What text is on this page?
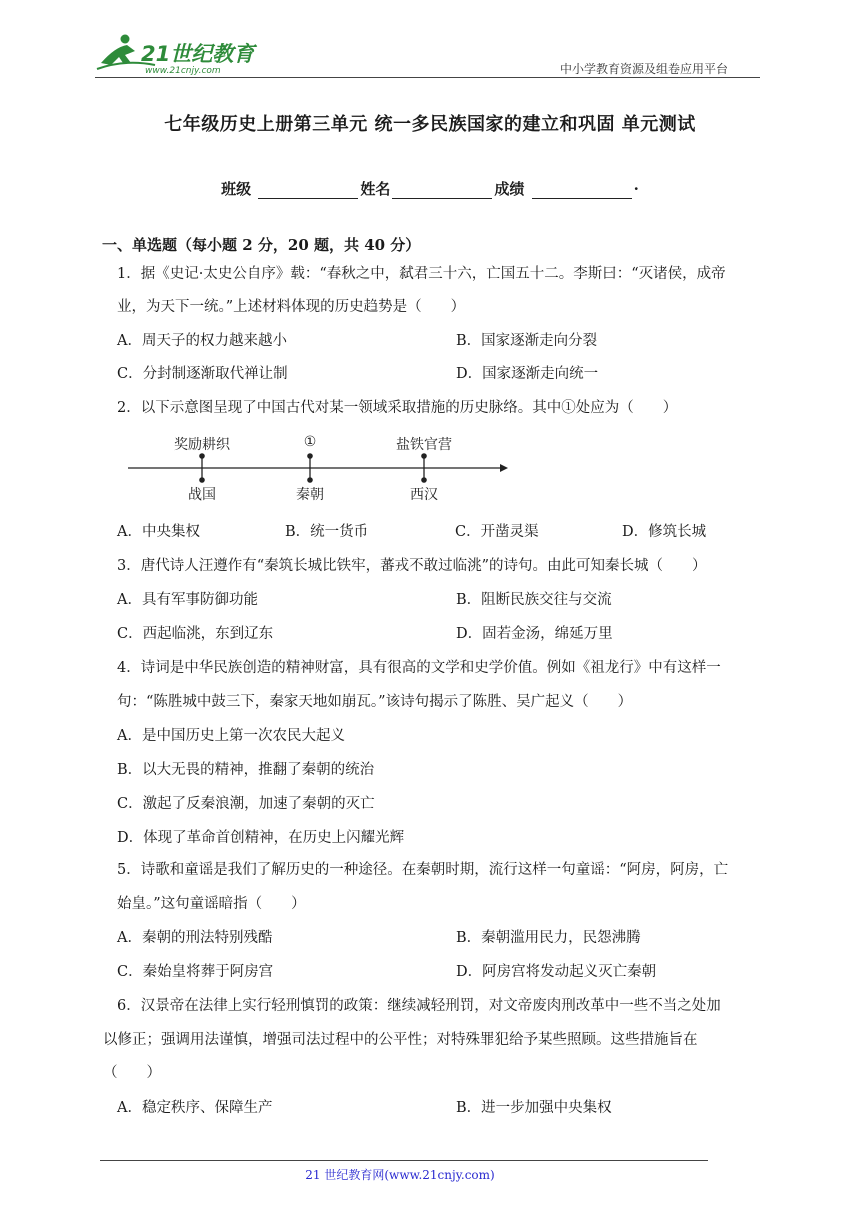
21世纪教育
www.21cnjy.com	中小学教育资源及组卷应用平台
七年级历史上册第三单元 统一多民族国家的建立和巩固 单元测试
班级	姓名	成绩	·
一、单选题（每小题 2 分，20 题，共 40 分）
1．据《史记·太史公自序》载：“春秋之中，弑君三十六，亡国五十二。李斯曰：“灭诸侯，成帝
业，为天下一统。”上述材料体现的历史趋势是（　　）
A．周天子的权力越来越小	B．国家逐渐走向分裂
C．分封制逐渐取代禅让制	D．国家逐渐走向统一
2．以下示意图呈现了中国古代对某一领域采取措施的历史脉络。其中①处应为（　　）
奖励耕织
战国
①
秦朝
盐铁官营
西汉
A．中央集权	B．统一货币	C．开凿灵渠	D．修筑长城
3．唐代诗人汪遵作有“秦筑长城比铁牢，蕃戎不敢过临洮”的诗句。由此可知秦长城（　　）
A．具有军事防御功能	B．阻断民族交往与交流
C．西起临洮，东到辽东	D．固若金汤，绵延万里
4．诗词是中华民族创造的精神财富，具有很高的文学和史学价值。例如《祖龙行》中有这样一
句：“陈胜城中鼓三下，秦家天地如崩瓦。”该诗句揭示了陈胜、吴广起义（　　）
A．是中国历史上第一次农民大起义
B．以大无畏的精神，推翻了秦朝的统治
C．激起了反秦浪潮，加速了秦朝的灭亡
D．体现了革命首创精神，在历史上闪耀光辉
5．诗歌和童谣是我们了解历史的一种途径。在秦朝时期，流行这样一句童谣：“阿房，阿房，亡
始皇。”这句童谣暗指（　　）
A．秦朝的刑法特别残酷	B．秦朝滥用民力，民怨沸腾
C．秦始皇将葬于阿房宫	D．阿房宫将发动起义灭亡秦朝
6．汉景帝在法律上实行轻刑慎罚的政策：继续减轻刑罚，对文帝废肉刑改革中一些不当之处加
以修正；强调用法谨慎，增强司法过程中的公平性；对特殊罪犯给予某些照顾。这些措施旨在
（　　）
A．稳定秩序、保障生产	B．进一步加强中央集权
21 世纪教育网(www.21cnjy.com)
